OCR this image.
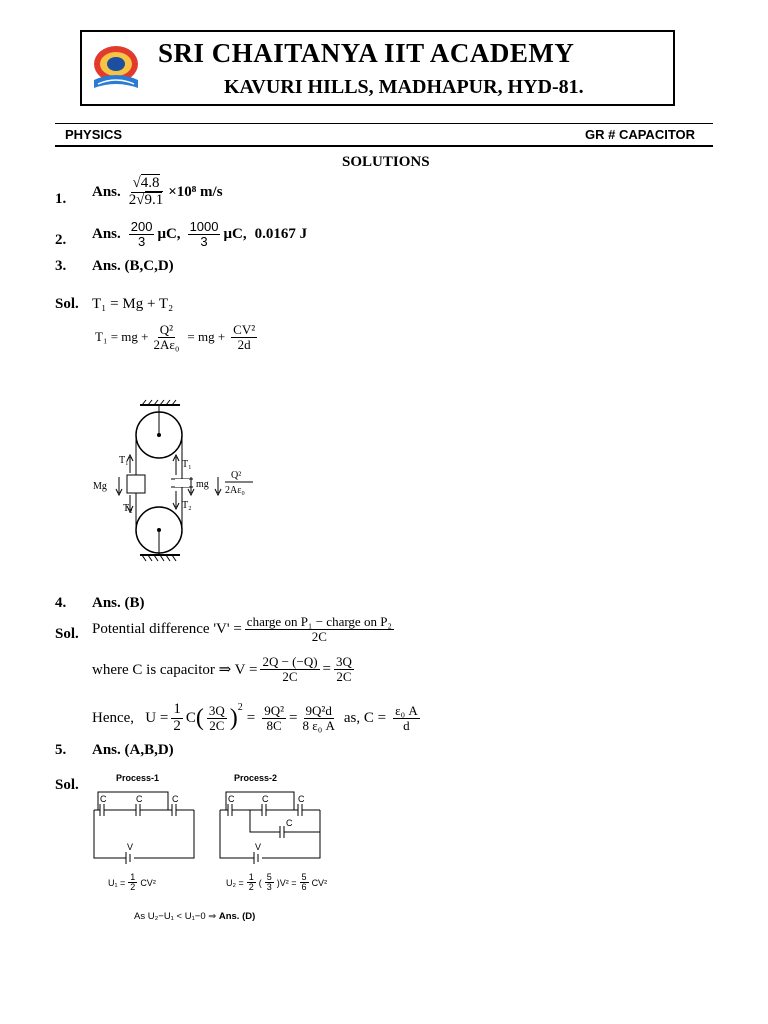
SRI CHAITANYA IIT ACADEMY
KAVURI HILLS, MADHAPUR, HYD-81.
PHYSICS	GR # CAPACITOR
SOLUTIONS
1. Ans. $\frac{√4.8}{2√9.1} \times 10^8$ m/s
2. Ans. $\frac{200}{3} \mu C$, $\frac{1000}{3} \mu C$, 0.0167 J
3. Ans. (B,C,D)
Sol. T₁ = Mg + T₂
T₁ = mg + $\frac{\text{Q²}}{\text{2Aε₀}}$ = mg + $\frac{\text{CV²}}{2d}$
T₁	T₁
Mg	mg
T₂	T₂
Q²
2Aε₀
4. Ans. (B)
Sol. Potential difference '$V' = \frac{\text{charge on P₁ − charge on P₂}}{2C}$
where C is capacitor ⇒ $V = \frac{2Q - (-Q)}{2C} = \frac{3Q}{2C}$
Hence,   $U = \frac{1}{2}$ C ( $\frac{3Q}{2C} )^2$
= $\frac{\text{9Q²}}{8C} = \frac{\text{9Q²d}}{\text{8 ε₀ A}}$ as, $C = \frac{\text{ε₀ A}}{d}$
5. Ans. (A,B,D)
Sol.	Process-1	Process-2
C	C	C
V
C	C	C
C
V
$U_1 = \frac{1}{2} CV^2$	$U_2 = \frac{1}{2}$ ( $\frac{5}{3}$ ) $V^2 = \frac{5}{6} CV^2$
As U₂−U₁ < U₁−0 ⇒ Ans. (D)
